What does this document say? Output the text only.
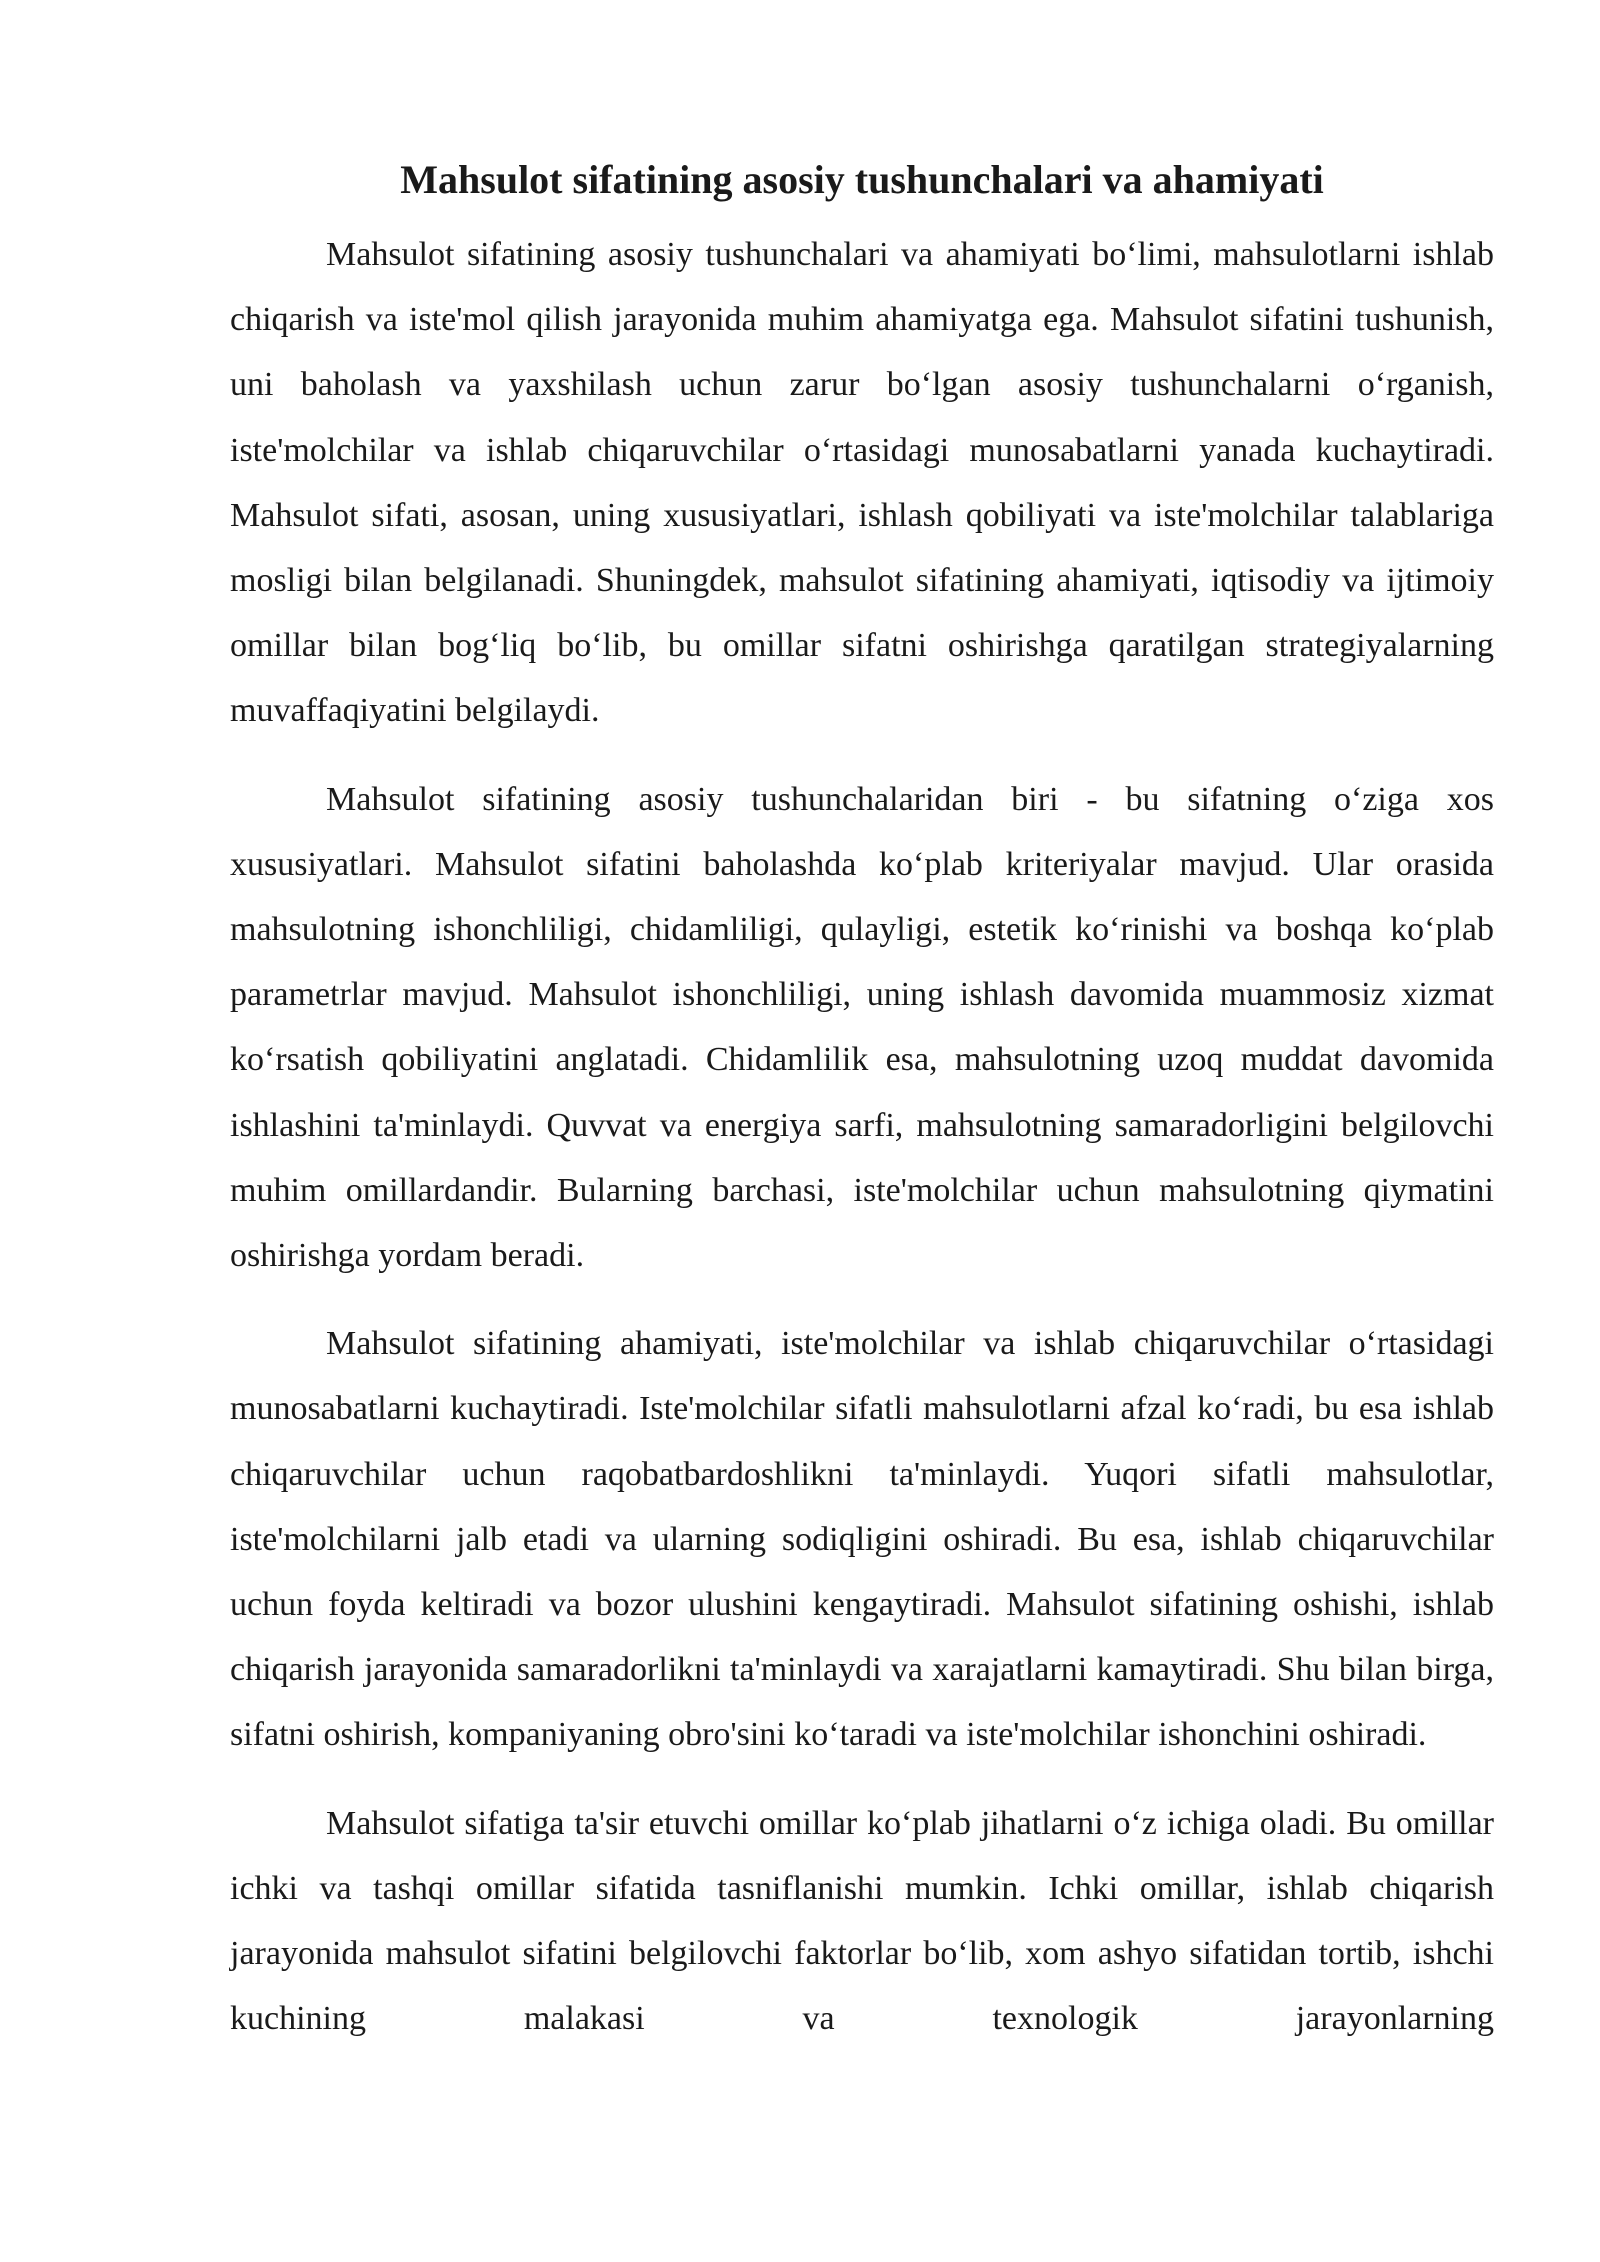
Mahsulot sifatining asosiy tushunchalari va ahamiyati

Mahsulot sifatining asosiy tushunchalari va ahamiyati bo‘limi, mahsulotlarni ishlab chiqarish va iste'mol qilish jarayonida muhim ahamiyatga ega. Mahsulot sifatini tushunish, uni baholash va yaxshilash uchun zarur bo‘lgan asosiy tushunchalarni o‘rganish, iste'molchilar va ishlab chiqaruvchilar o‘rtasidagi munosabatlarni yanada kuchaytiradi. Mahsulot sifati, asosan, uning xususiyatlari, ishlash qobiliyati va iste'molchilar talablariga mosligi bilan belgilanadi. Shuningdek, mahsulot sifatining ahamiyati, iqtisodiy va ijtimoiy omillar bilan bog‘liq bo‘lib, bu omillar sifatni oshirishga qaratilgan strategiyalarning muvaffaqiyatini belgilaydi.

Mahsulot sifatining asosiy tushunchalaridan biri - bu sifatning o‘ziga xos xususiyatlari. Mahsulot sifatini baholashda ko‘plab kriteriyalar mavjud. Ular orasida mahsulotning ishonchliligi, chidamliligi, qulayligi, estetik ko‘rinishi va boshqa ko‘plab parametrlar mavjud. Mahsulot ishonchliligi, uning ishlash davomida muammosiz xizmat ko‘rsatish qobiliyatini anglatadi. Chidamlilik esa, mahsulotning uzoq muddat davomida ishlashini ta'minlaydi. Quvvat va energiya sarfi, mahsulotning samaradorligini belgilovchi muhim omillardandir. Bularning barchasi, iste'molchilar uchun mahsulotning qiymatini oshirishga yordam beradi.

Mahsulot sifatining ahamiyati, iste'molchilar va ishlab chiqaruvchilar o‘rtasidagi munosabatlarni kuchaytiradi. Iste'molchilar sifatli mahsulotlarni afzal ko‘radi, bu esa ishlab chiqaruvchilar uchun raqobatbardoshlikni ta'minlaydi. Yuqori sifatli mahsulotlar, iste'molchilarni jalb etadi va ularning sodiqligini oshiradi. Bu esa, ishlab chiqaruvchilar uchun foyda keltiradi va bozor ulushini kengaytiradi. Mahsulot sifatining oshishi, ishlab chiqarish jarayonida samaradorlikni ta'minlaydi va xarajatlarni kamaytiradi. Shu bilan birga, sifatni oshirish, kompaniyaning obro'sini ko‘taradi va iste'molchilar ishonchini oshiradi.

Mahsulot sifatiga ta'sir etuvchi omillar ko‘plab jihatlarni o‘z ichiga oladi. Bu omillar ichki va tashqi omillar sifatida tasniflanishi mumkin. Ichki omillar, ishlab chiqarish jarayonida mahsulot sifatini belgilovchi faktorlar bo‘lib, xom ashyo sifatidan tortib, ishchi kuchining malakasi va texnologik jarayonlarning
